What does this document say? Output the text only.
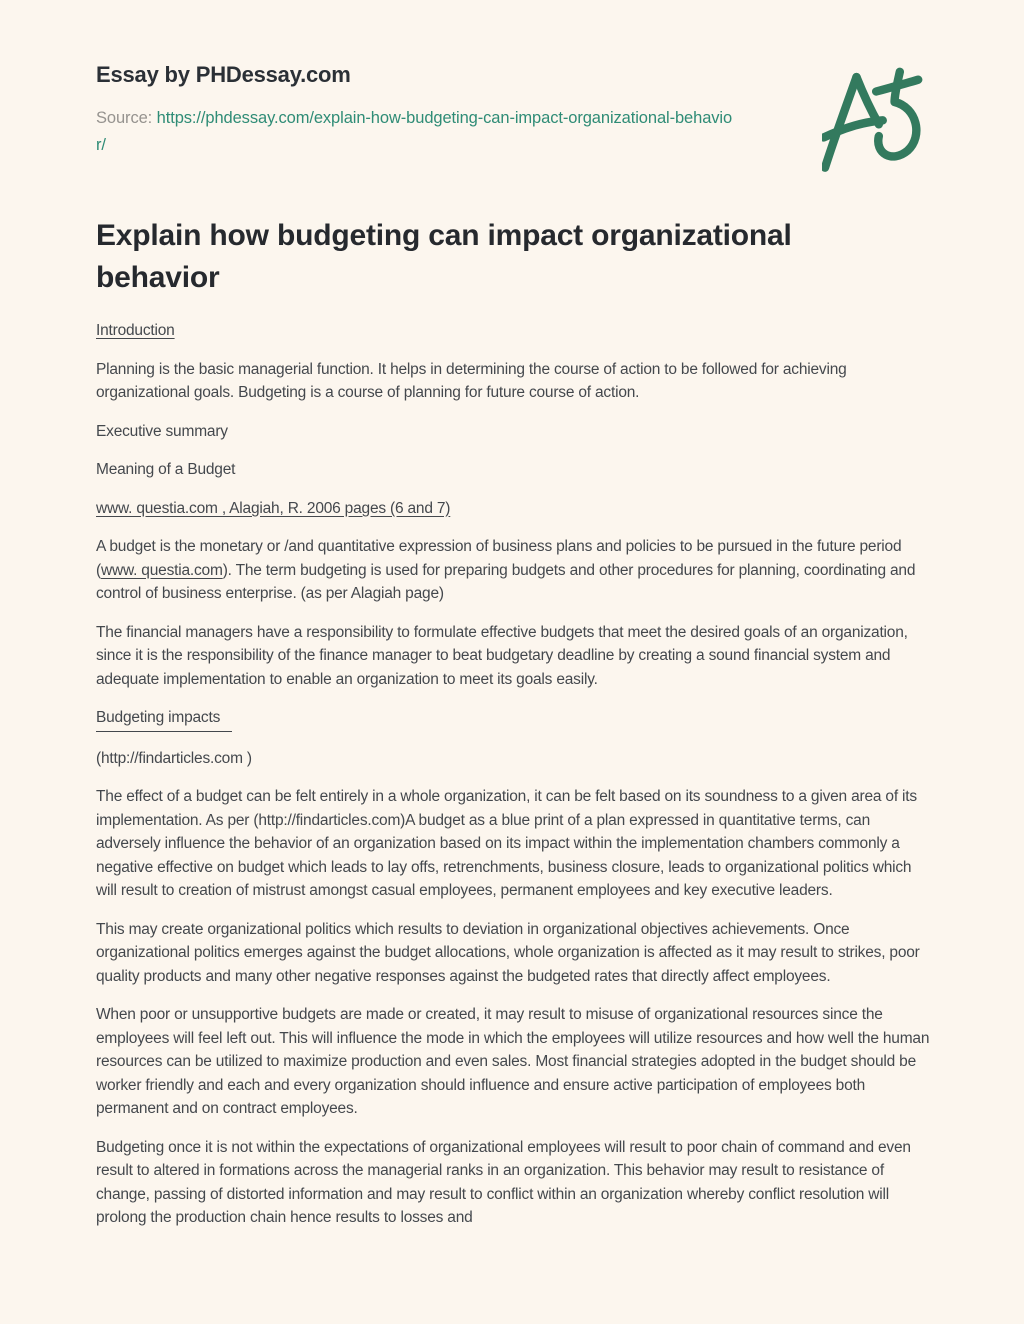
Essay by PHDessay.com

Source: https://phdessay.com/explain-how-budgeting-can-impact-organizational-behavior/

Explain how budgeting can impact organizational behavior

Introduction

Planning is the basic managerial function. It helps in determining the course of action to be followed for achieving organizational goals. Budgeting is a course of planning for future course of action.

Executive summary

Meaning of a Budget

www. questia.com , Alagiah, R. 2006 pages (6 and 7)

A budget is the monetary or /and quantitative expression of business plans and policies to be pursued in the future period (www. questia.com). The term budgeting is used for preparing budgets and other procedures for planning, coordinating and control of business enterprise. (as per Alagiah page)

The financial managers have a responsibility to formulate effective budgets that meet the desired goals of an organization, since it is the responsibility of the finance manager to beat budgetary deadline by creating a sound financial system and adequate implementation to enable an organization to meet its goals easily.

Budgeting impacts

(http://findarticles.com )

The effect of a budget can be felt entirely in a whole organization, it can be felt based on its soundness to a given area of its implementation. As per (http://findarticles.com)A budget as a blue print of a plan expressed in quantitative terms, can adversely influence the behavior of an organization based on its impact within the implementation chambers commonly a negative effective on budget which leads to lay offs, retrenchments, business closure, leads to organizational politics which will result to creation of mistrust amongst casual employees, permanent employees and key executive leaders.

This may create organizational politics which results to deviation in organizational objectives achievements. Once organizational politics emerges against the budget allocations, whole organization is affected as it may result to strikes, poor quality products and many other negative responses against the budgeted rates that directly affect employees.

When poor or unsupportive budgets are made or created, it may result to misuse of organizational resources since the employees will feel left out. This will influence the mode in which the employees will utilize resources and how well the human resources can be utilized to maximize production and even sales. Most financial strategies adopted in the budget should be worker friendly and each and every organization should influence and ensure active participation of employees both permanent and on contract employees.

Budgeting once it is not within the expectations of organizational employees will result to poor chain of command and even result to altered in formations across the managerial ranks in an organization. This behavior may result to resistance of change, passing of distorted information and may result to conflict within an organization whereby conflict resolution will prolong the production chain hence results to losses and
